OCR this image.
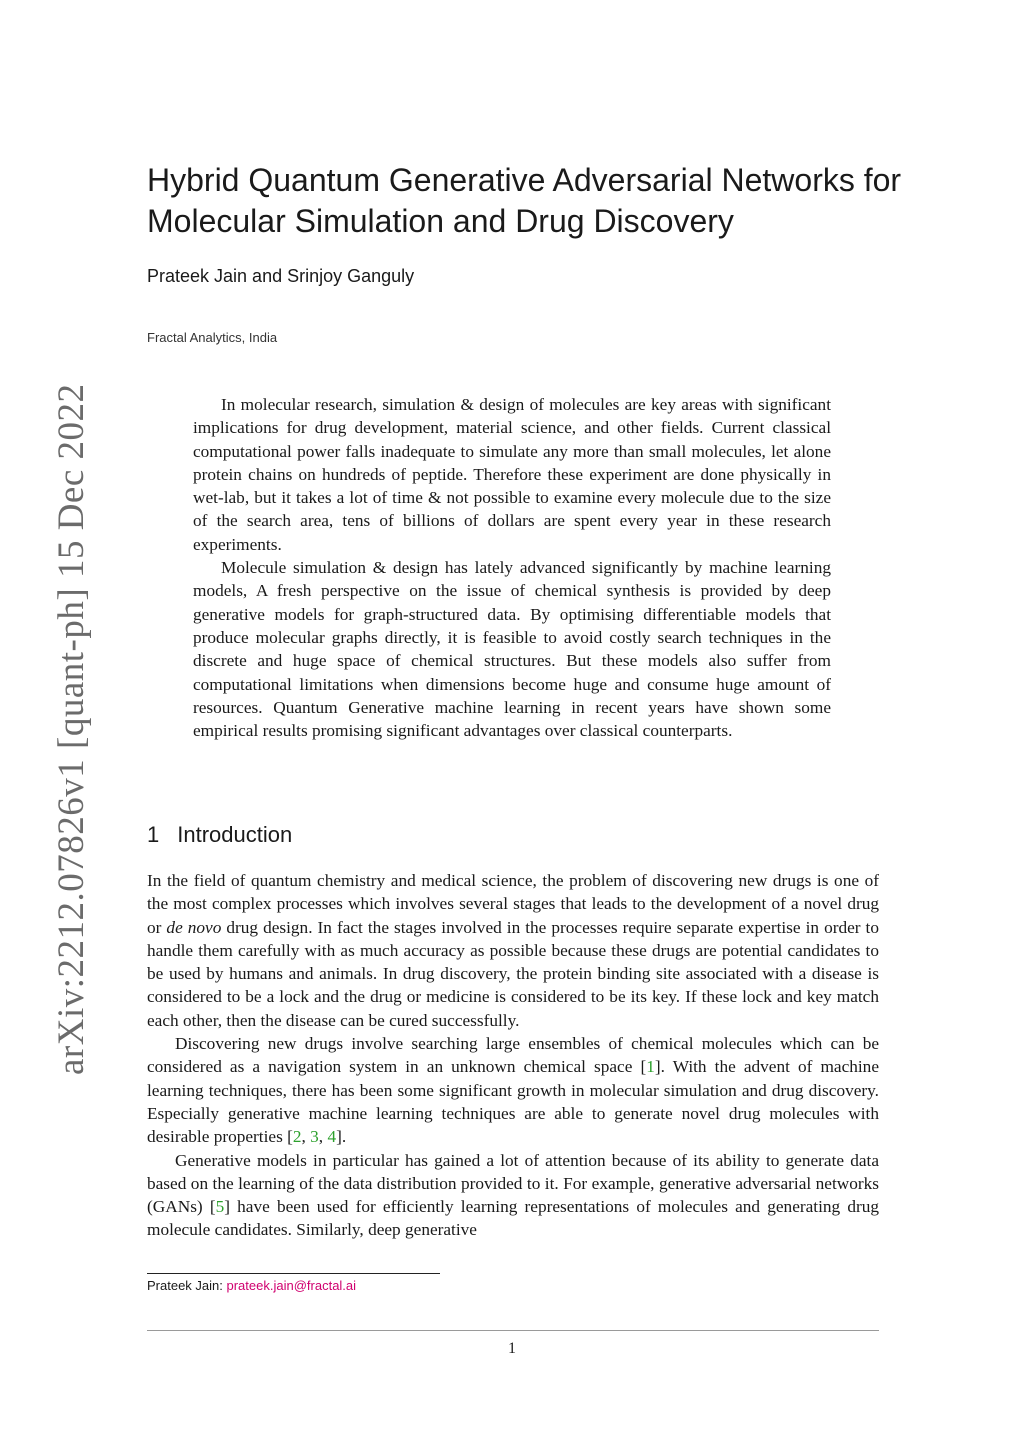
arXiv:2212.07826v1 [quant-ph] 15 Dec 2022
Hybrid Quantum Generative Adversarial Networks for
Molecular Simulation and Drug Discovery
Prateek Jain and Srinjoy Ganguly
Fractal Analytics, India

In molecular research, simulation & design of molecules are key areas with significant implications for drug development, material science, and other fields. Current classical computational power falls inadequate to simulate any more than small molecules, let alone protein chains on hundreds of peptide. Therefore these experiment are done physically in wet-lab, but it takes a lot of time & not possible to examine every molecule due to the size of the search area, tens of billions of dollars are spent every year in these research experiments.

Molecule simulation & design has lately advanced significantly by machine learning models, A fresh perspective on the issue of chemical synthesis is provided by deep generative models for graph-structured data. By optimising differentiable models that produce molecular graphs directly, it is feasible to avoid costly search techniques in the discrete and huge space of chemical structures. But these models also suffer from computational limitations when dimensions become huge and consume huge amount of resources. Quantum Generative machine learning in recent years have shown some empirical results promising significant advantages over classical counterparts.

1 Introduction

In the field of quantum chemistry and medical science, the problem of discovering new drugs is one of the most complex processes which involves several stages that leads to the development of a novel drug or de novo drug design. In fact the stages involved in the processes require separate expertise in order to handle them carefully with as much accuracy as possible because these drugs are potential candidates to be used by humans and animals. In drug discovery, the protein binding site associated with a disease is considered to be a lock and the drug or medicine is considered to be its key. If these lock and key match each other, then the disease can be cured successfully.

Discovering new drugs involve searching large ensembles of chemical molecules which can be considered as a navigation system in an unknown chemical space [1]. With the advent of machine learning techniques, there has been some significant growth in molecular simulation and drug discovery. Especially generative machine learning techniques are able to generate novel drug molecules with desirable properties [2, 3, 4].

Generative models in particular has gained a lot of attention because of its ability to generate data based on the learning of the data distribution provided to it. For example, generative adversarial networks (GANs) [5] have been used for efficiently learning representations of molecules and generating drug molecule candidates. Similarly, deep generative

Prateek Jain: prateek.jain@fractal.ai
1
